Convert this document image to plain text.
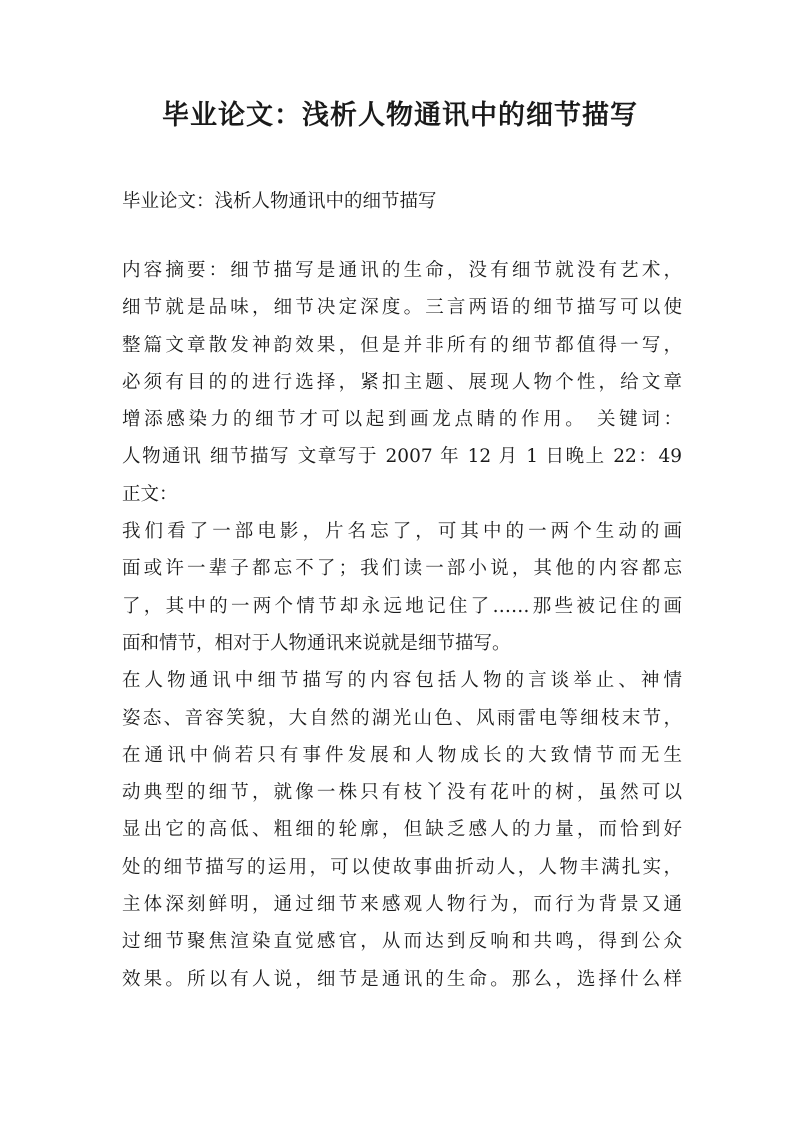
毕业论文：浅析人物通讯中的细节描写

毕业论文：浅析人物通讯中的细节描写

内容摘要：细节描写是通讯的生命，没有细节就没有艺术，
细节就是品味，细节决定深度。三言两语的细节描写可以使
整篇文章散发神韵效果，但是并非所有的细节都值得一写，
必须有目的的进行选择，紧扣主题、展现人物个性，给文章
增添感染力的细节才可以起到画龙点睛的作用。 关键词：
人物通讯 细节描写 文章写于 2007 年 12 月 1 日晚上 22：49
正文：
我们看了一部电影，片名忘了，可其中的一两个生动的画
面或许一辈子都忘不了；我们读一部小说，其他的内容都忘
了，其中的一两个情节却永远地记住了……那些被记住的画
面和情节，相对于人物通讯来说就是细节描写。
在人物通讯中细节描写的内容包括人物的言谈举止、神情
姿态、音容笑貌，大自然的湖光山色、风雨雷电等细枝末节，
在通讯中倘若只有事件发展和人物成长的大致情节而无生
动典型的细节，就像一株只有枝丫没有花叶的树，虽然可以
显出它的高低、粗细的轮廓，但缺乏感人的力量，而恰到好
处的细节描写的运用，可以使故事曲折动人，人物丰满扎实，
主体深刻鲜明，通过细节来感观人物行为，而行为背景又通
过细节聚焦渲染直觉感官，从而达到反响和共鸣，得到公众
效果。所以有人说，细节是通讯的生命。那么，选择什么样
